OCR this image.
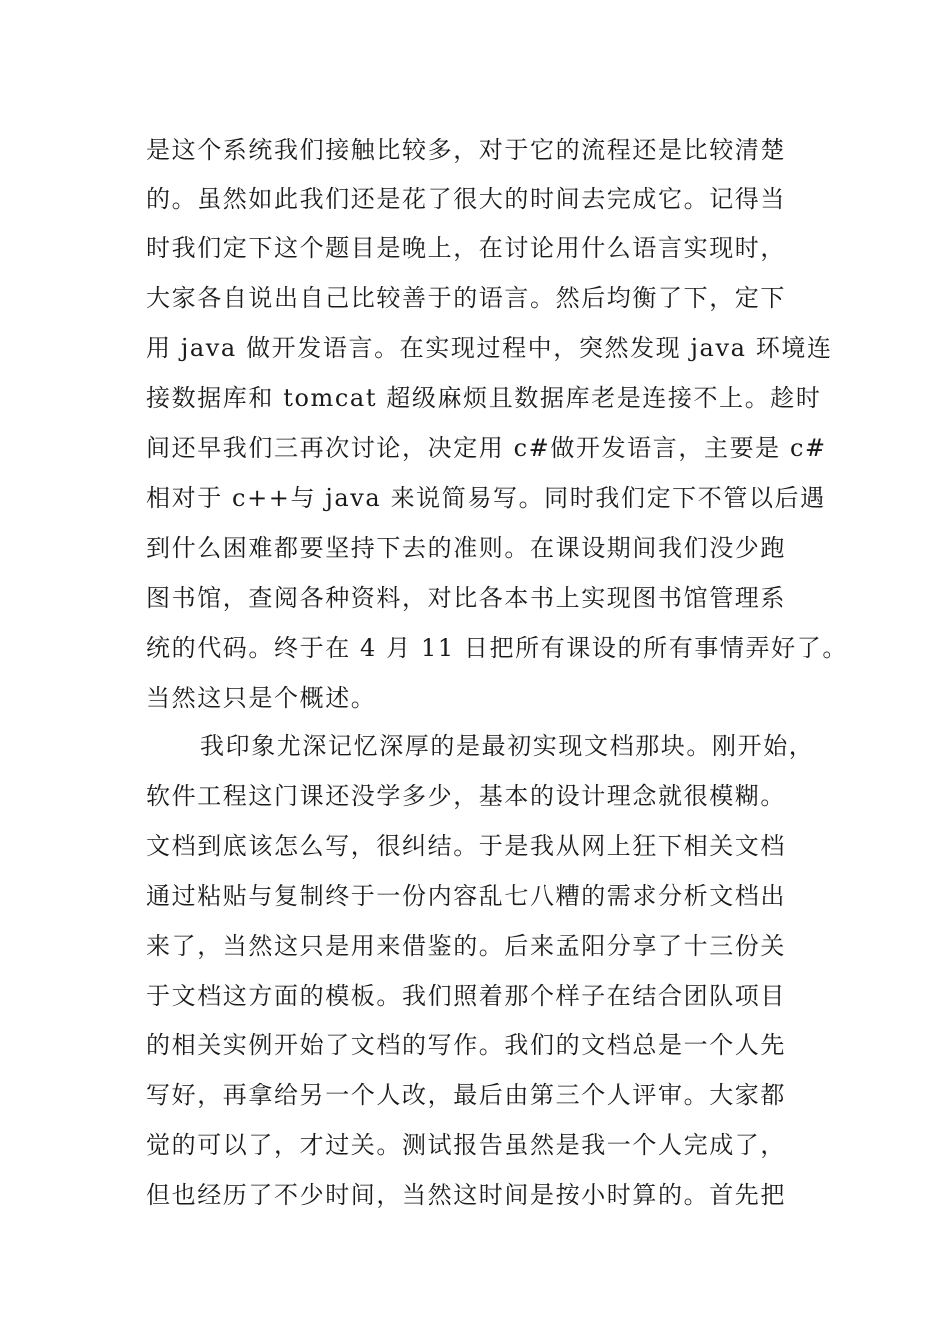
是这个系统我们接触比较多，对于它的流程还是比较清楚
的。虽然如此我们还是花了很大的时间去完成它。记得当
时我们定下这个题目是晚上，在讨论用什么语言实现时，
大家各自说出自己比较善于的语言。然后均衡了下，定下
用 java 做开发语言。在实现过程中，突然发现 java 环境连
接数据库和 tomcat 超级麻烦且数据库老是连接不上。趁时
间还早我们三再次讨论，决定用 c#做开发语言，主要是 c#
相对于 c++与 java 来说简易写。同时我们定下不管以后遇
到什么困难都要坚持下去的准则。在课设期间我们没少跑
图书馆，查阅各种资料，对比各本书上实现图书馆管理系
统的代码。终于在 4 月 11 日把所有课设的所有事情弄好了。
当然这只是个概述。
我印象尤深记忆深厚的是最初实现文档那块。刚开始，
软件工程这门课还没学多少，基本的设计理念就很模糊。
文档到底该怎么写，很纠结。于是我从网上狂下相关文档
通过粘贴与复制终于一份内容乱七八糟的需求分析文档出
来了，当然这只是用来借鉴的。后来孟阳分享了十三份关
于文档这方面的模板。我们照着那个样子在结合团队项目
的相关实例开始了文档的写作。我们的文档总是一个人先
写好，再拿给另一个人改，最后由第三个人评审。大家都
觉的可以了，才过关。测试报告虽然是我一个人完成了，
但也经历了不少时间，当然这时间是按小时算的。首先把
